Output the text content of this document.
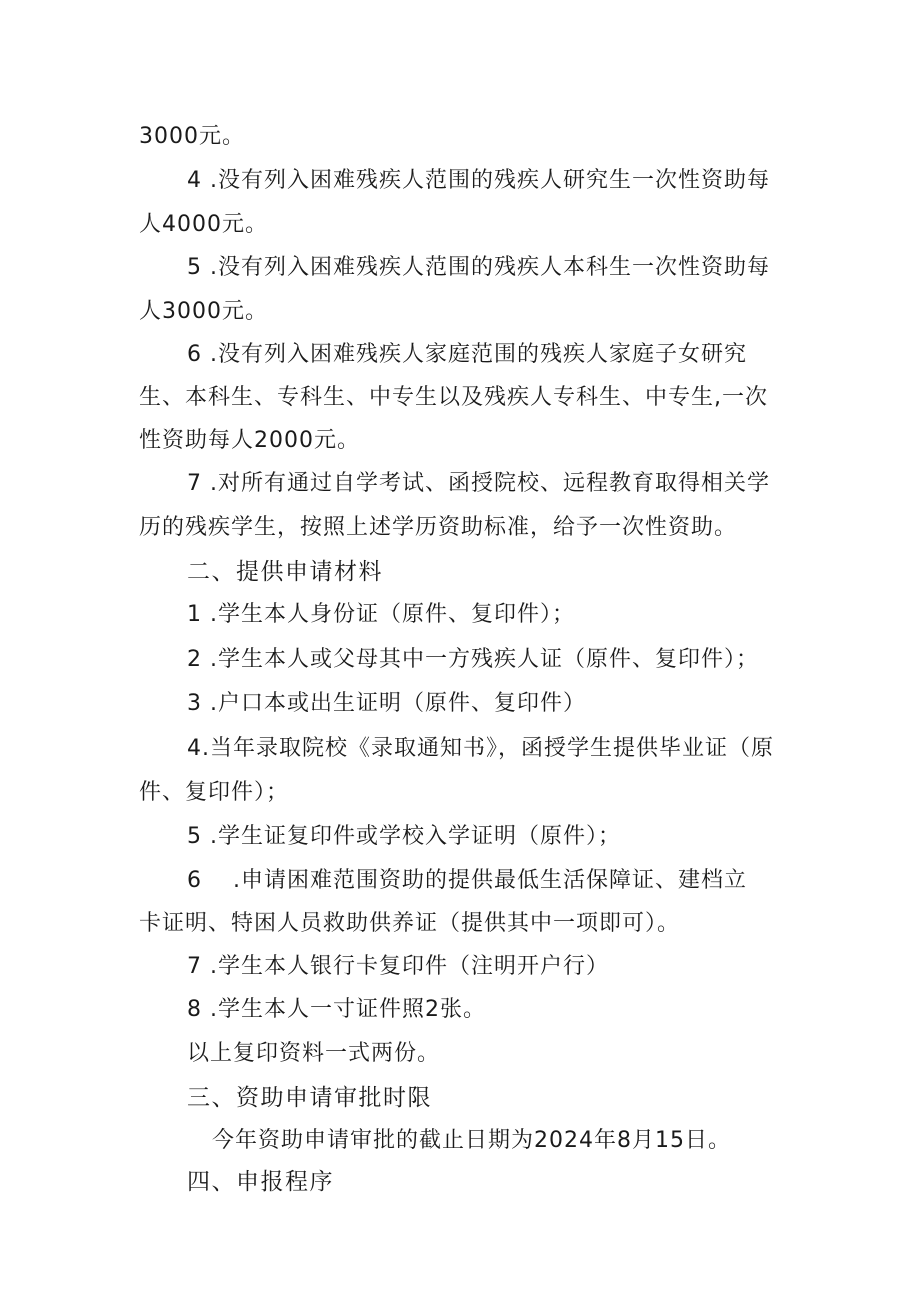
3000元。
4 .没有列入困难残疾人范围的残疾人研究生一次性资助每
人4000元。
5 .没有列入困难残疾人范围的残疾人本科生一次性资助每
人3000元。
6 .没有列入困难残疾人家庭范围的残疾人家庭子女研究
生、本科生、专科生、中专生以及残疾人专科生、中专生,一次
性资助每人2000元。
7 .对所有通过自学考试、函授院校、远程教育取得相关学
历的残疾学生，按照上述学历资助标准，给予一次性资助。
二、提供申请材料
1 .学生本人身份证（原件、复印件）；
2 .学生本人或父母其中一方残疾人证（原件、复印件）；
3 .户口本或出生证明（原件、复印件）
4.当年录取院校《录取通知书》，函授学生提供毕业证（原
件、复印件）；
5 .学生证复印件或学校入学证明（原件）；
6 　.申请困难范围资助的提供最低生活保障证、建档立
卡证明、特困人员救助供养证（提供其中一项即可）。
7 .学生本人银行卡复印件（注明开户行）
8 .学生本人一寸证件照2张。
以上复印资料一式两份。
三、资助申请审批时限
今年资助申请审批的截止日期为2024年8月15日。
四、申报程序
